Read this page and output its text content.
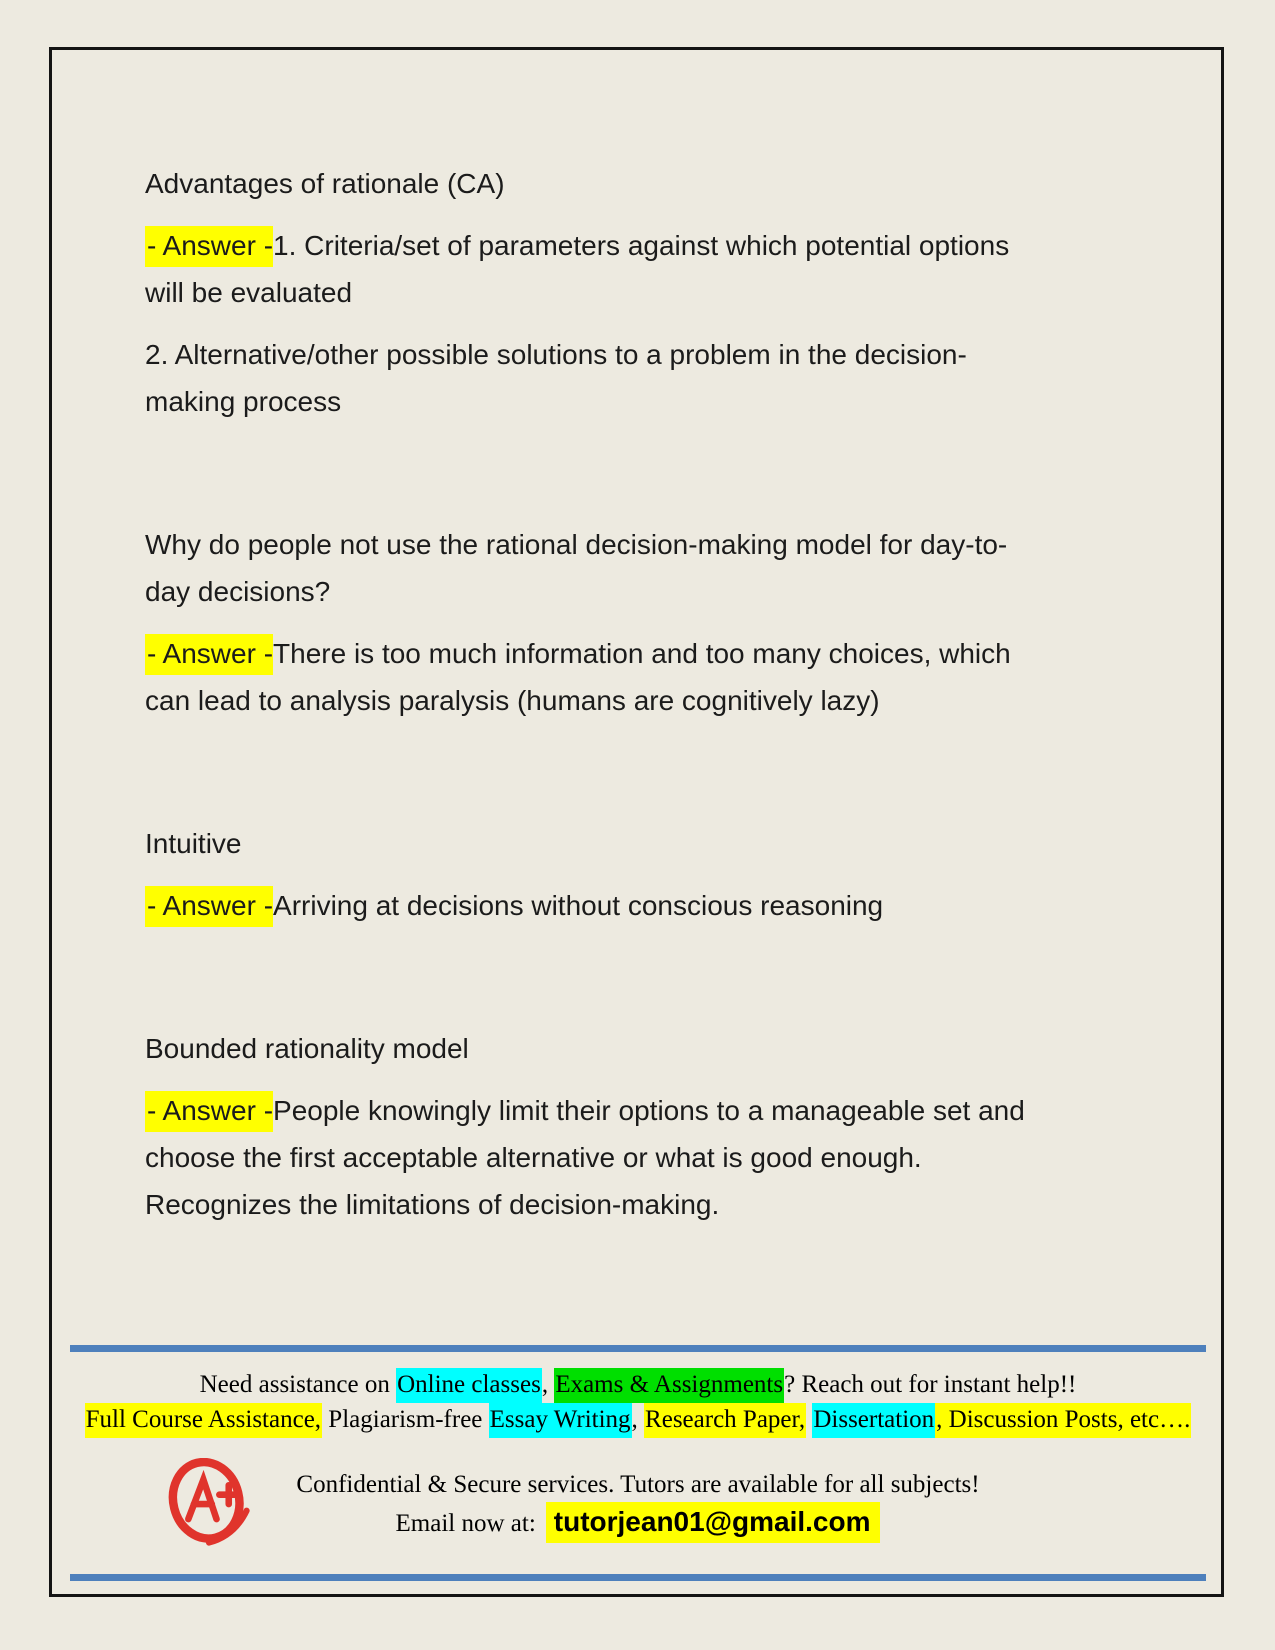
Advantages of rationale (CA)

- Answer -1. Criteria/set of parameters against which potential options will be evaluated

2. Alternative/other possible solutions to a problem in the decision-making process

Why do people not use the rational decision-making model for day-to-day decisions?

- Answer -There is too much information and too many choices, which can lead to analysis paralysis (humans are cognitively lazy)

Intuitive

- Answer -Arriving at decisions without conscious reasoning

Bounded rationality model

- Answer -People knowingly limit their options to a manageable set and choose the first acceptable alternative or what is good enough. Recognizes the limitations of decision-making.

Need assistance on Online classes, Exams & Assignments? Reach out for instant help!!
Full Course Assistance, Plagiarism-free Essay Writing, Research Paper, Dissertation, Discussion Posts, etc….
Confidential & Secure services. Tutors are available for all subjects!
Email now at: tutorjean01@gmail.com
